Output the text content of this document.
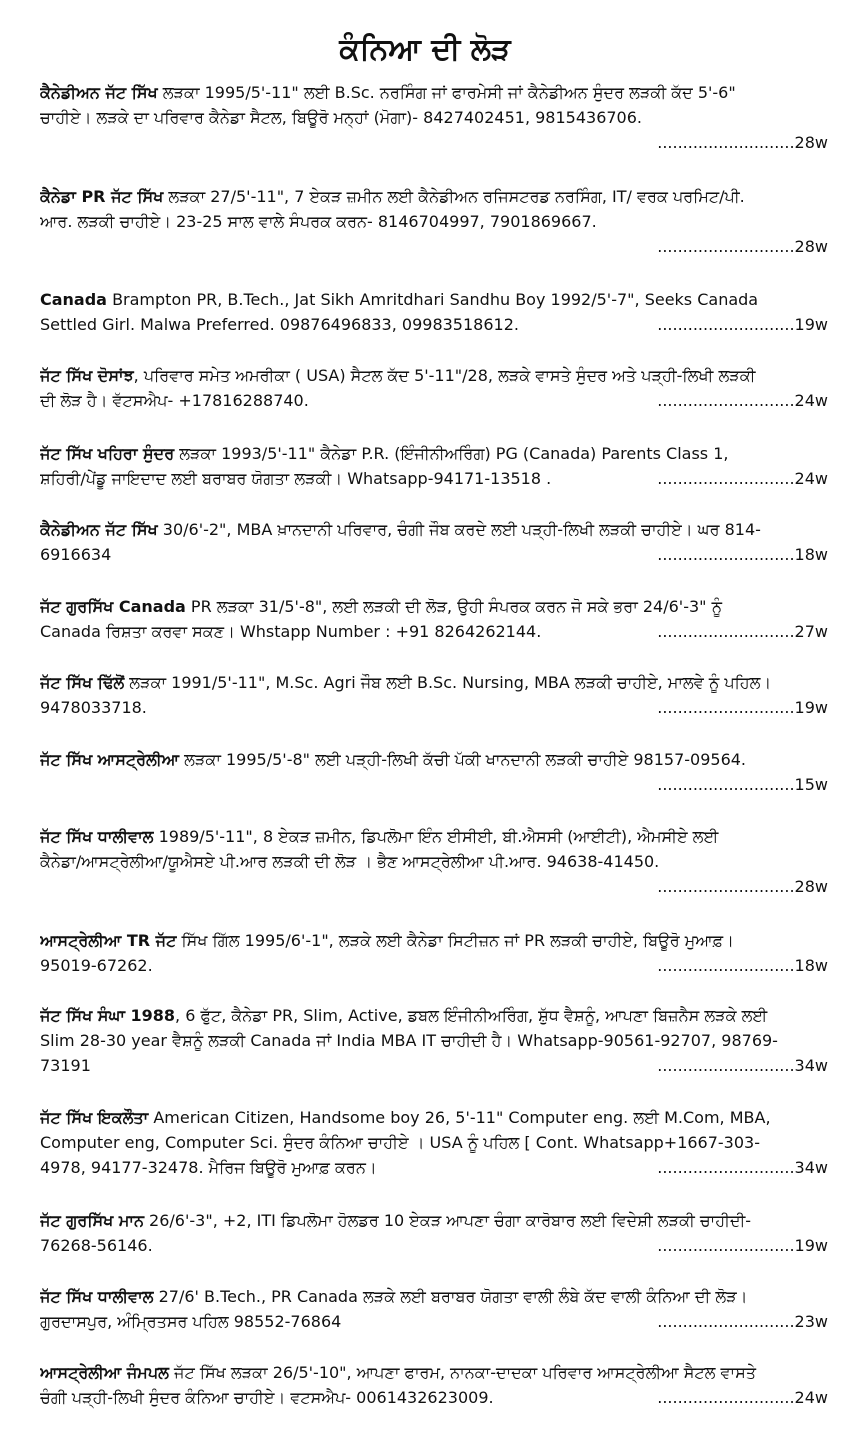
ਕੰਨਿਆ ਦੀ ਲੋੜ
ਕੈਨੇਡੀਅਨ ਜੱਟ ਸਿੱਖ ਲੜਕਾ 1995/5'-11" ਲਈ B.Sc. ਨਰਸਿੰਗ ਜਾਂ ਫਾਰਮੇਸੀ ਜਾਂ ਕੈਨੇਡੀਅਨ ਸੁੰਦਰ ਲੜਕੀ ਕੱਦ 5'-6"
ਚਾਹੀਏ। ਲੜਕੇ ਦਾ ਪਰਿਵਾਰ ਕੈਨੇਡਾ ਸੈਟਲ, ਬਿਊਰੋ ਮਨ੍ਹਾਂ (ਮੋਗਾ)- 8427402451, 9815436706.
...........................28w
ਕੈਨੇਡਾ PR ਜੱਟ ਸਿੱਖ ਲੜਕਾ 27/5'-11", 7 ਏਕੜ ਜ਼ਮੀਨ ਲਈ ਕੈਨੇਡੀਅਨ ਰਜਿਸਟਰਡ ਨਰਸਿੰਗ, IT/ ਵਰਕ ਪਰਮਿਟ/ਪੀ.
ਆਰ. ਲੜਕੀ ਚਾਹੀਏ। 23-25 ਸਾਲ ਵਾਲੇ ਸੰਪਰਕ ਕਰਨ- 8146704997, 7901869667.
...........................28w
Canada Brampton PR, B.Tech., Jat Sikh Amritdhari Sandhu Boy 1992/5'-7", Seeks Canada
Settled Girl. Malwa Preferred. 09876496833, 09983518612.	...........................19w
ਜੱਟ ਸਿੱਖ ਦੋਸਾਂਝ, ਪਰਿਵਾਰ ਸਮੇਤ ਅਮਰੀਕਾ ( USA) ਸੈਟਲ ਕੱਦ 5'-11"/28, ਲੜਕੇ ਵਾਸਤੇ ਸੁੰਦਰ ਅਤੇ ਪੜ੍ਹੀ-ਲਿਖੀ ਲੜਕੀ
ਦੀ ਲੋੜ ਹੈ। ਵੱਟਸਐਪ- +17816288740.	...........................24w
ਜੱਟ ਸਿੱਖ ਖਹਿਰਾ ਸੁੰਦਰ ਲੜਕਾ 1993/5'-11" ਕੈਨੇਡਾ P.R. (ਇੰਜੀਨੀਅਰਿੰਗ) PG (Canada) Parents Class 1,
ਸ਼ਹਿਰੀ/ਪੇਂਡੂ ਜਾਇਦਾਦ ਲਈ ਬਰਾਬਰ ਯੋਗਤਾ ਲੜਕੀ। Whatsapp-94171-13518 .	...........................24w
ਕੈਨੇਡੀਅਨ ਜੱਟ ਸਿੱਖ 30/6'-2", MBA ਖ਼ਾਨਦਾਨੀ ਪਰਿਵਾਰ, ਚੰਗੀ ਜੌਬ ਕਰਦੇ ਲਈ ਪੜ੍ਹੀ-ਲਿਖੀ ਲੜਕੀ ਚਾਹੀਏ। ਘਰ 814-
6916634	...........................18w
ਜੱਟ ਗੁਰਸਿੱਖ Canada PR ਲੜਕਾ 31/5'-8", ਲਈ ਲੜਕੀ ਦੀ ਲੋੜ, ਉਹੀ ਸੰਪਰਕ ਕਰਨ ਜੋ ਸਕੇ ਭਰਾ 24/6'-3" ਨੂੰ
Canada ਰਿਸ਼ਤਾ ਕਰਵਾ ਸਕਣ। Whstapp Number : +91 8264262144.	...........................27w
ਜੱਟ ਸਿੱਖ ਢਿੱਲੋਂ ਲੜਕਾ 1991/5'-11", M.Sc. Agri ਜੌਬ ਲਈ B.Sc. Nursing, MBA ਲੜਕੀ ਚਾਹੀਏ, ਮਾਲਵੇ ਨੂੰ ਪਹਿਲ।
9478033718.	...........................19w
ਜੱਟ ਸਿੱਖ ਆਸਟ੍ਰੇਲੀਆ ਲੜਕਾ 1995/5'-8" ਲਈ ਪੜ੍ਹੀ-ਲਿਖੀ ਕੱਚੀ ਪੱਕੀ ਖਾਨਦਾਨੀ ਲੜਕੀ ਚਾਹੀਏ 98157-09564.
...........................15w
ਜੱਟ ਸਿੱਖ ਧਾਲੀਵਾਲ 1989/5'-11", 8 ਏਕੜ ਜ਼ਮੀਨ, ਡਿਪਲੋਮਾ ਇੰਨ ਈਸੀਈ, ਬੀ.ਐਸਸੀ (ਆਈਟੀ), ਐਮਸੀਏ ਲਈ
ਕੈਨੇਡਾ/ਆਸਟ੍ਰੇਲੀਆ/ਯੂਐਸਏ ਪੀ.ਆਰ ਲੜਕੀ ਦੀ ਲੋੜ । ਭੈਣ ਆਸਟ੍ਰੇਲੀਆ ਪੀ.ਆਰ. 94638-41450.
...........................28w
ਆਸਟ੍ਰੇਲੀਆ TR ਜੱਟ ਸਿੱਖ ਗਿੱਲ 1995/6'-1", ਲੜਕੇ ਲਈ ਕੈਨੇਡਾ ਸਿਟੀਜ਼ਨ ਜਾਂ PR ਲੜਕੀ ਚਾਹੀਏ, ਬਿਊਰੋ ਮੁਆਫ਼।
95019-67262.	...........................18w
ਜੱਟ ਸਿੱਖ ਸੰਘਾ 1988, 6 ਫੁੱਟ, ਕੈਨੇਡਾ PR, Slim, Active, ਡਬਲ ਇੰਜੀਨੀਅਰਿੰਗ, ਸ਼ੁੱਧ ਵੈਸ਼ਨੂੰ, ਆਪਣਾ ਬਿਜ਼ਨੈਸ ਲੜਕੇ ਲਈ
Slim 28-30 year ਵੈਸ਼ਨੂੰ ਲੜਕੀ Canada ਜਾਂ India MBA IT ਚਾਹੀਦੀ ਹੈ। Whatsapp-90561-92707, 98769-
73191	...........................34w
ਜੱਟ ਸਿੱਖ ਇਕਲੌਤਾ American Citizen, Handsome boy 26, 5'-11" Computer eng. ਲਈ M.Com, MBA,
Computer eng, Computer Sci. ਸੁੰਦਰ ਕੰਨਿਆ ਚਾਹੀਏ । USA ਨੂੰ ਪਹਿਲ [ Cont. Whatsapp+1667-303-
4978, 94177-32478. ਮੈਰਿਜ ਬਿਊਰੋ ਮੁਆਫ਼ ਕਰਨ।	...........................34w
ਜੱਟ ਗੁਰਸਿੱਖ ਮਾਨ 26/6'-3", +2, ITI ਡਿਪਲੋਮਾ ਹੋਲਡਰ 10 ਏਕੜ ਆਪਣਾ ਚੰਗਾ ਕਾਰੋਬਾਰ ਲਈ ਵਿਦੇਸ਼ੀ ਲੜਕੀ ਚਾਹੀਦੀ-
76268-56146.	...........................19w
ਜੱਟ ਸਿੱਖ ਧਾਲੀਵਾਲ 27/6' B.Tech., PR Canada ਲੜਕੇ ਲਈ ਬਰਾਬਰ ਯੋਗਤਾ ਵਾਲੀ ਲੰਬੇ ਕੱਦ ਵਾਲੀ ਕੰਨਿਆ ਦੀ ਲੋੜ।
ਗੁਰਦਾਸਪੁਰ, ਅੰਮ੍ਰਿਤਸਰ ਪਹਿਲ 98552-76864	...........................23w
ਆਸਟ੍ਰੇਲੀਆ ਜੰਮਪਲ ਜੱਟ ਸਿੱਖ ਲੜਕਾ 26/5'-10", ਆਪਣਾ ਫਾਰਮ, ਨਾਨਕਾ-ਦਾਦਕਾ ਪਰਿਵਾਰ ਆਸਟ੍ਰੇਲੀਆ ਸੈਟਲ ਵਾਸਤੇ
ਚੰਗੀ ਪੜ੍ਹੀ-ਲਿਖੀ ਸੁੰਦਰ ਕੰਨਿਆ ਚਾਹੀਏ। ਵਟਸਐਪ- 0061432623009.	...........................24w
